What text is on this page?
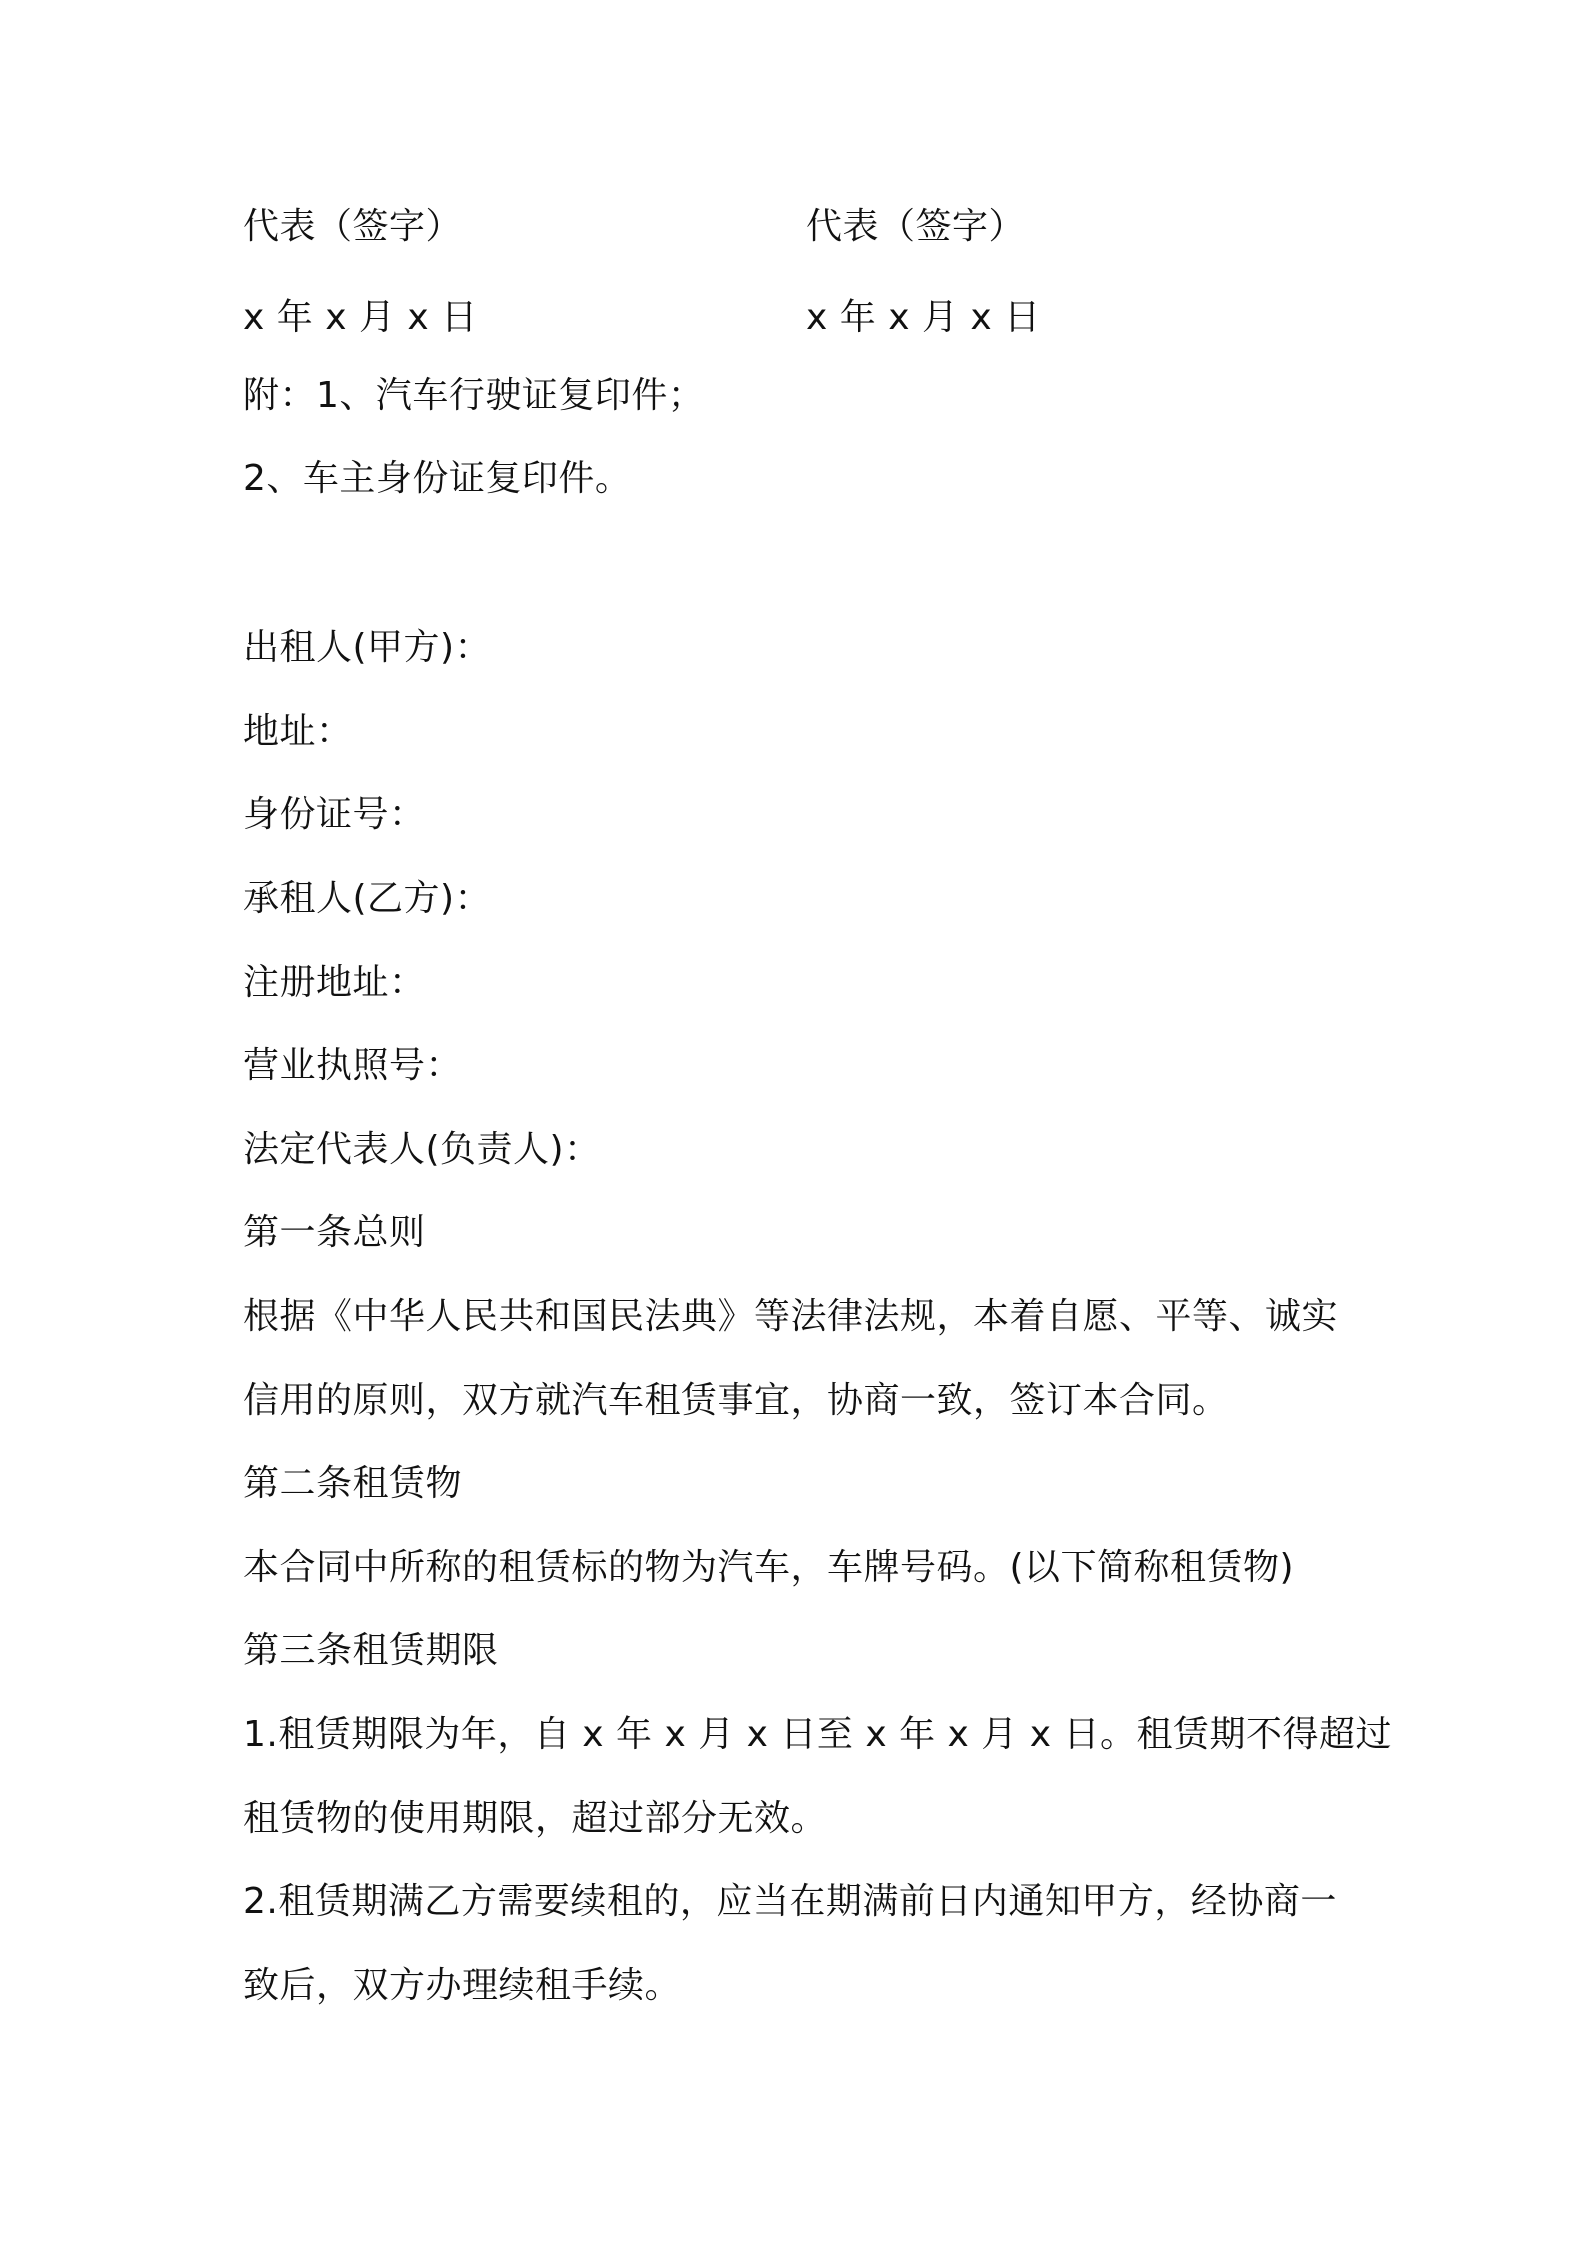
代表（签字）	代表（签字）
x 年 x 月 x 日	x 年 x 月 x 日
附：1、汽车行驶证复印件；
2、车主身份证复印件。
出租人(甲方)：
地址：
身份证号：
承租人(乙方)：
注册地址：
营业执照号：
法定代表人(负责人)：
第一条总则
根据《中华人民共和国民法典》等法律法规，本着自愿、平等、诚实
信用的原则，双方就汽车租赁事宜，协商一致，签订本合同。
第二条租赁物
本合同中所称的租赁标的物为汽车，车牌号码。(以下简称租赁物)
第三条租赁期限
1.租赁期限为年，自 x 年 x 月 x 日至 x 年 x 月 x 日。租赁期不得超过
租赁物的使用期限，超过部分无效。
2.租赁期满乙方需要续租的，应当在期满前日内通知甲方，经协商一
致后，双方办理续租手续。
